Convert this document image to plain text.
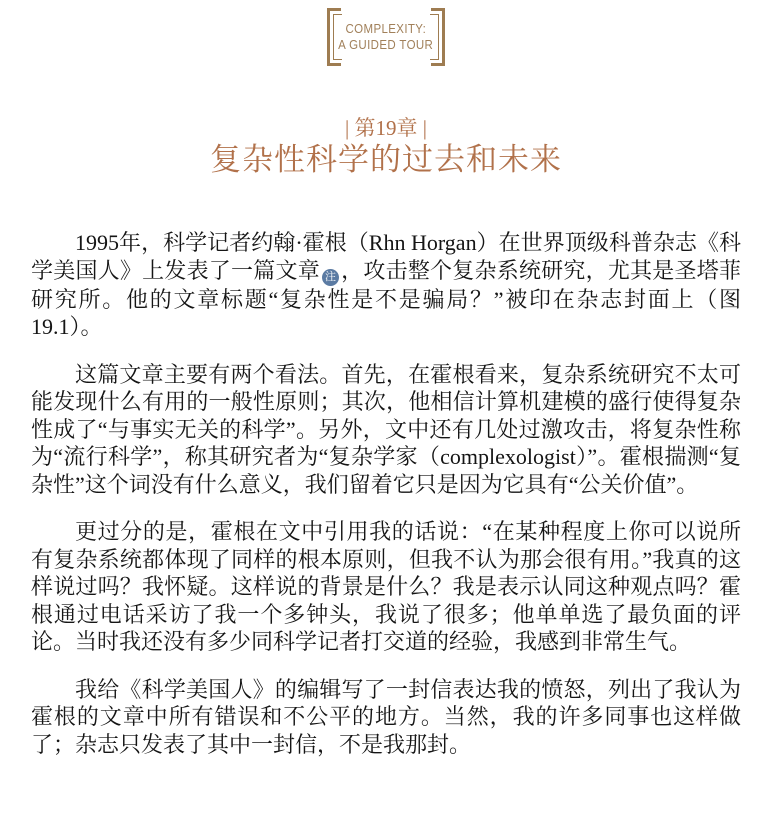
COMPLEXITY:
A GUIDED TOUR
| 第19章 |
复杂性科学的过去和未来

1995年，科学记者约翰·霍根（Rhn Horgan）在世界顶级科普杂志《科学美国人》上发表了一篇文章 注 ，攻击整个复杂系统研究，尤其是圣塔菲研究所。他的文章标题“复杂性是不是骗局？”被印在杂志封面上（图19.1）。

这篇文章主要有两个看法。首先，在霍根看来，复杂系统研究不太可能发现什么有用的一般性原则；其次，他相信计算机建模的盛行使得复杂性成了“与事实无关的科学”。另外，文中还有几处过激攻击，将复杂性称为“流行科学”，称其研究者为“复杂学家（complexologist）”。霍根揣测“复杂性”这个词没有什么意义，我们留着它只是因为它具有“公关价值”。

更过分的是，霍根在文中引用我的话说：“在某种程度上你可以说所有复杂系统都体现了同样的根本原则，但我不认为那会很有用。”我真的这样说过吗？我怀疑。这样说的背景是什么？我是表示认同这种观点吗？霍根通过电话采访了我一个多钟头，我说了很多；他单单选了最负面的评论。当时我还没有多少同科学记者打交道的经验，我感到非常生气。

我给《科学美国人》的编辑写了一封信表达我的愤怒，列出了我认为霍根的文章中所有错误和不公平的地方。当然，我的许多同事也这样做了；杂志只发表了其中一封信，不是我那封。
